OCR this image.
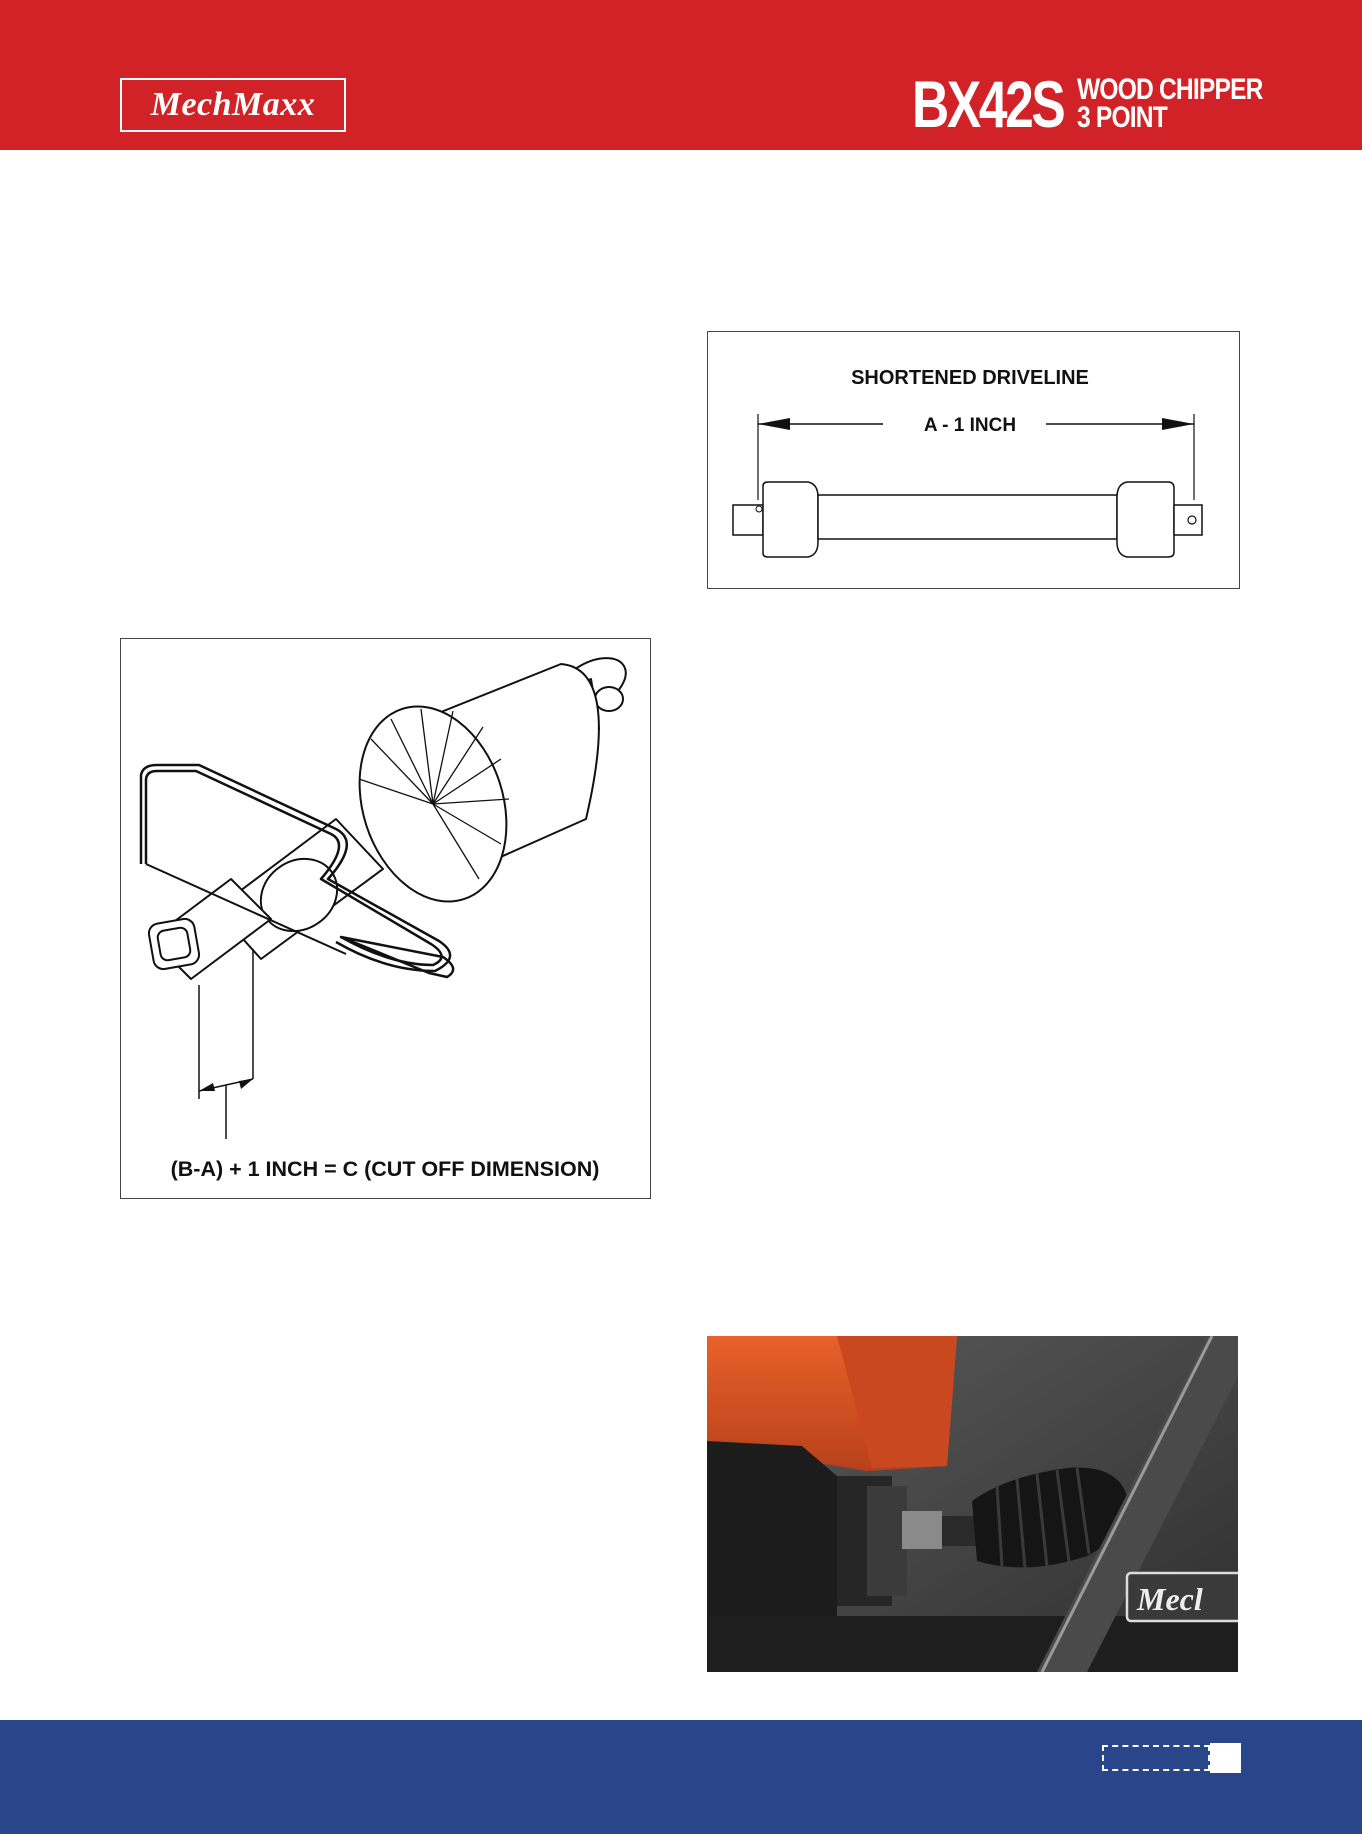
MechMaxx	BX42S WOOD CHIPPER
3 POINT
SHORTENED DRIVELINE
A - 1 INCH
(B-A) + 1 INCH = C (CUT OFF DIMENSION)
Mecl
